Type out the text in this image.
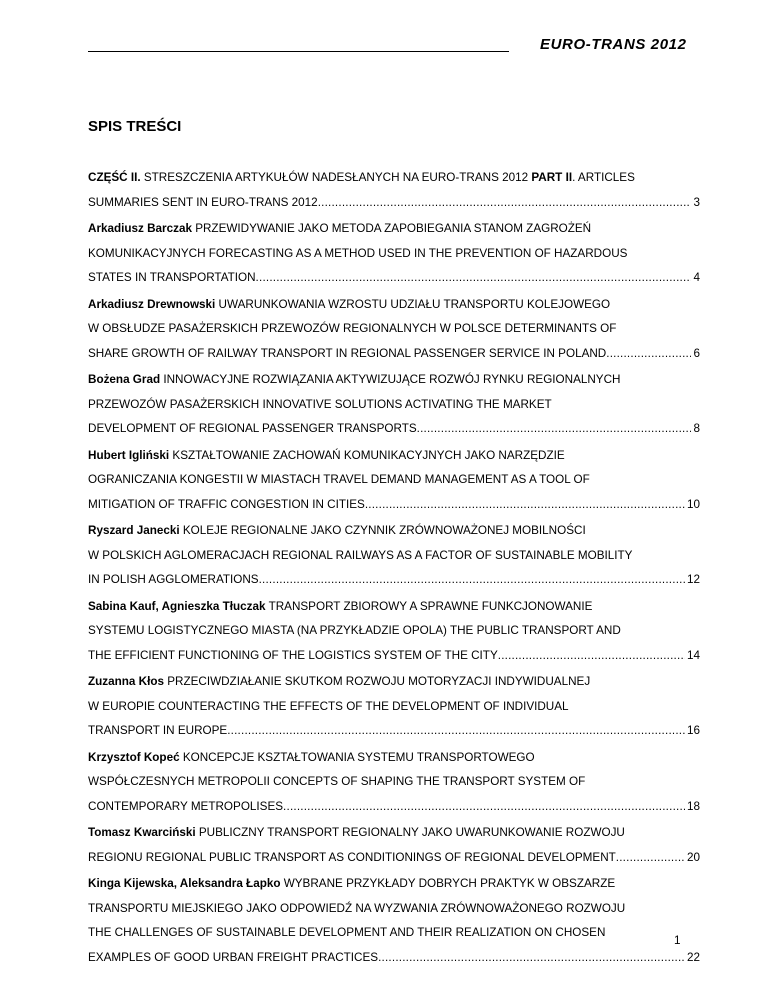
EURO-TRANS 2012
SPIS TREŚCI
CZĘŚĆ II. STRESZCZENIA ARTYKUŁÓW NADESŁANYCH NA EURO-TRANS 2012 PART II. ARTICLES
SUMMARIES SENT IN EURO-TRANS 2012 .....	3
Arkadiusz Barczak PRZEWIDYWANIE JAKO METODA ZAPOBIEGANIA STANOM ZAGROŻEŃ
KOMUNIKACYJNYCH FORECASTING AS A METHOD USED IN THE PREVENTION OF HAZARDOUS
STATES IN TRANSPORTATION .....	4
Arkadiusz Drewnowski UWARUNKOWANIA WZROSTU UDZIAŁU TRANSPORTU KOLEJOWEGO
W OBSŁUDZE PASAŻERSKICH PRZEWOZÓW REGIONALNYCH W POLSCE DETERMINANTS OF
SHARE GROWTH OF RAILWAY TRANSPORT IN REGIONAL PASSENGER SERVICE IN POLAND .....	6
Bożena Grad INNOWACYJNE ROZWIĄZANIA AKTYWIZUJĄCE ROZWÓJ RYNKU REGIONALNYCH
PRZEWOZÓW PASAŻERSKICH INNOVATIVE SOLUTIONS ACTIVATING THE MARKET
DEVELOPMENT OF REGIONAL PASSENGER TRANSPORTS .....	8
Hubert Igliński KSZTAŁTOWANIE ZACHOWAŃ KOMUNIKACYJNYCH JAKO NARZĘDZIE
OGRANICZANIA KONGESTII W MIASTACH TRAVEL DEMAND MANAGEMENT AS A TOOL OF
MITIGATION OF TRAFFIC CONGESTION IN CITIES .....	10
Ryszard Janecki KOLEJE REGIONALNE JAKO CZYNNIK ZRÓWNOWAŻONEJ MOBILNOŚCI
W POLSKICH AGLOMERACJACH REGIONAL RAILWAYS AS A FACTOR OF SUSTAINABLE MOBILITY
IN POLISH AGGLOMERATIONS .....	12
Sabina Kauf, Agnieszka Tłuczak TRANSPORT ZBIOROWY A SPRAWNE FUNKCJONOWANIE
SYSTEMU LOGISTYCZNEGO MIASTA (NA PRZYKŁADZIE OPOLA) THE PUBLIC TRANSPORT AND
THE EFFICIENT FUNCTIONING OF THE LOGISTICS SYSTEM OF THE CITY .....	14
Zuzanna Kłos PRZECIWDZIAŁANIE SKUTKOM ROZWOJU MOTORYZACJI INDYWIDUALNEJ
W EUROPIE COUNTERACTING THE EFFECTS OF THE DEVELOPMENT OF INDIVIDUAL
TRANSPORT IN EUROPE .....	16
Krzysztof Kopeć KONCEPCJE KSZTAŁTOWANIA SYSTEMU TRANSPORTOWEGO
WSPÓŁCZESNYCH METROPOLII CONCEPTS OF SHAPING THE TRANSPORT SYSTEM OF
CONTEMPORARY METROPOLISES .....	18
Tomasz Kwarciński PUBLICZNY TRANSPORT REGIONALNY JAKO UWARUNKOWANIE ROZWOJU
REGIONU REGIONAL PUBLIC TRANSPORT AS CONDITIONINGS OF REGIONAL DEVELOPMENT .....	20
Kinga Kijewska, Aleksandra Łapko WYBRANE PRZYKŁADY DOBRYCH PRAKTYK W OBSZARZE
TRANSPORTU MIEJSKIEGO JAKO ODPOWIEDŹ NA WYZWANIA ZRÓWNOWAŻONEGO ROZWOJU
THE CHALLENGES OF SUSTAINABLE DEVELOPMENT AND THEIR REALIZATION ON CHOSEN
EXAMPLES OF GOOD URBAN FREIGHT PRACTICES .....	22
1
